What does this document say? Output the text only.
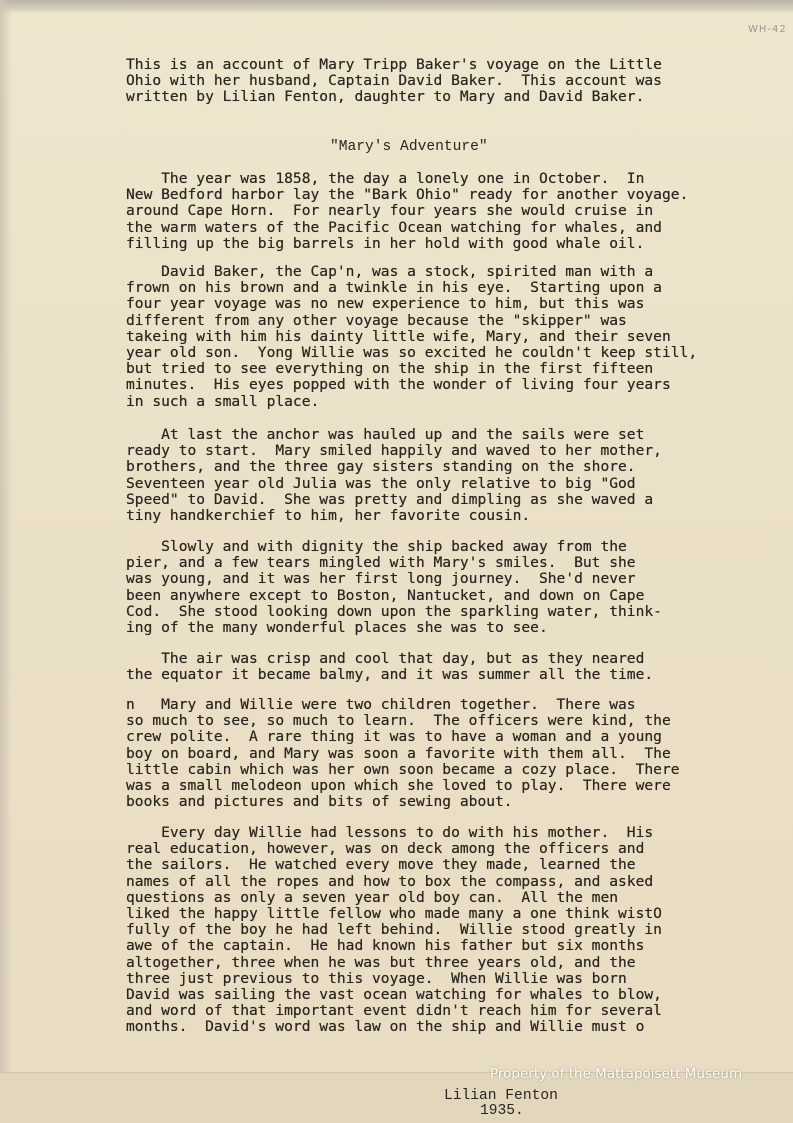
WH-42
This is an account of Mary Tripp Baker's voyage on the Little
Ohio with her husband, Captain David Baker.  This account was
written by Lilian Fenton, daughter to Mary and David Baker.
"Mary's Adventure"
The year was 1858, the day a lonely one in October.  In
New Bedford harbor lay the "Bark Ohio" ready for another voyage.
around Cape Horn.  For nearly four years she would cruise in
the warm waters of the Pacific Ocean watching for whales, and
filling up the big barrels in her hold with good whale oil.
David Baker, the Cap'n, was a stock, spirited man with a
frown on his brown and a twinkle in his eye.  Starting upon a
four year voyage was no new experience to him, but this was
different from any other voyage because the "skipper" was
takeing with him his dainty little wife, Mary, and their seven
year old son.  Yong Willie was so excited he couldn't keep still,
but tried to see everything on the ship in the first fifteen
minutes.  His eyes popped with the wonder of living four years
in such a small place.
At last the anchor was hauled up and the sails were set
ready to start.  Mary smiled happily and waved to her mother,
brothers, and the three gay sisters standing on the shore.
Seventeen year old Julia was the only relative to big "God
Speed" to David.  She was pretty and dimpling as she waved a
tiny handkerchief to him, her favorite cousin.
Slowly and with dignity the ship backed away from the
pier, and a few tears mingled with Mary's smiles.  But she
was young, and it was her first long journey.  She'd never
been anywhere except to Boston, Nantucket, and down on Cape
Cod.  She stood looking down upon the sparkling water, think-
ing of the many wonderful places she was to see.
The air was crisp and cool that day, but as they neared
the equator it became balmy, and it was summer all the time.
n   Mary and Willie were two children together.  There was
so much to see, so much to learn.  The officers were kind, the
crew polite.  A rare thing it was to have a woman and a young
boy on board, and Mary was soon a favorite with them all.  The
little cabin which was her own soon became a cozy place.  There
was a small melodeon upon which she loved to play.  There were
books and pictures and bits of sewing about.
Every day Willie had lessons to do with his mother.  His
real education, however, was on deck among the officers and
the sailors.  He watched every move they made, learned the
names of all the ropes and how to box the compass, and asked
questions as only a seven year old boy can.  All the men
liked the happy little fellow who made many a one think wistO
fully of the boy he had left behind.  Willie stood greatly in
awe of the captain.  He had known his father but six months
altogether, three when he was but three years old, and the
three just previous to this voyage.  When Willie was born
David was sailing the vast ocean watching for whales to blow,
and word of that important event didn't reach him for several
months.  David's word was law on the ship and Willie must o
Property of the Mattapoisett Museum
Lilian Fenton
1935.
